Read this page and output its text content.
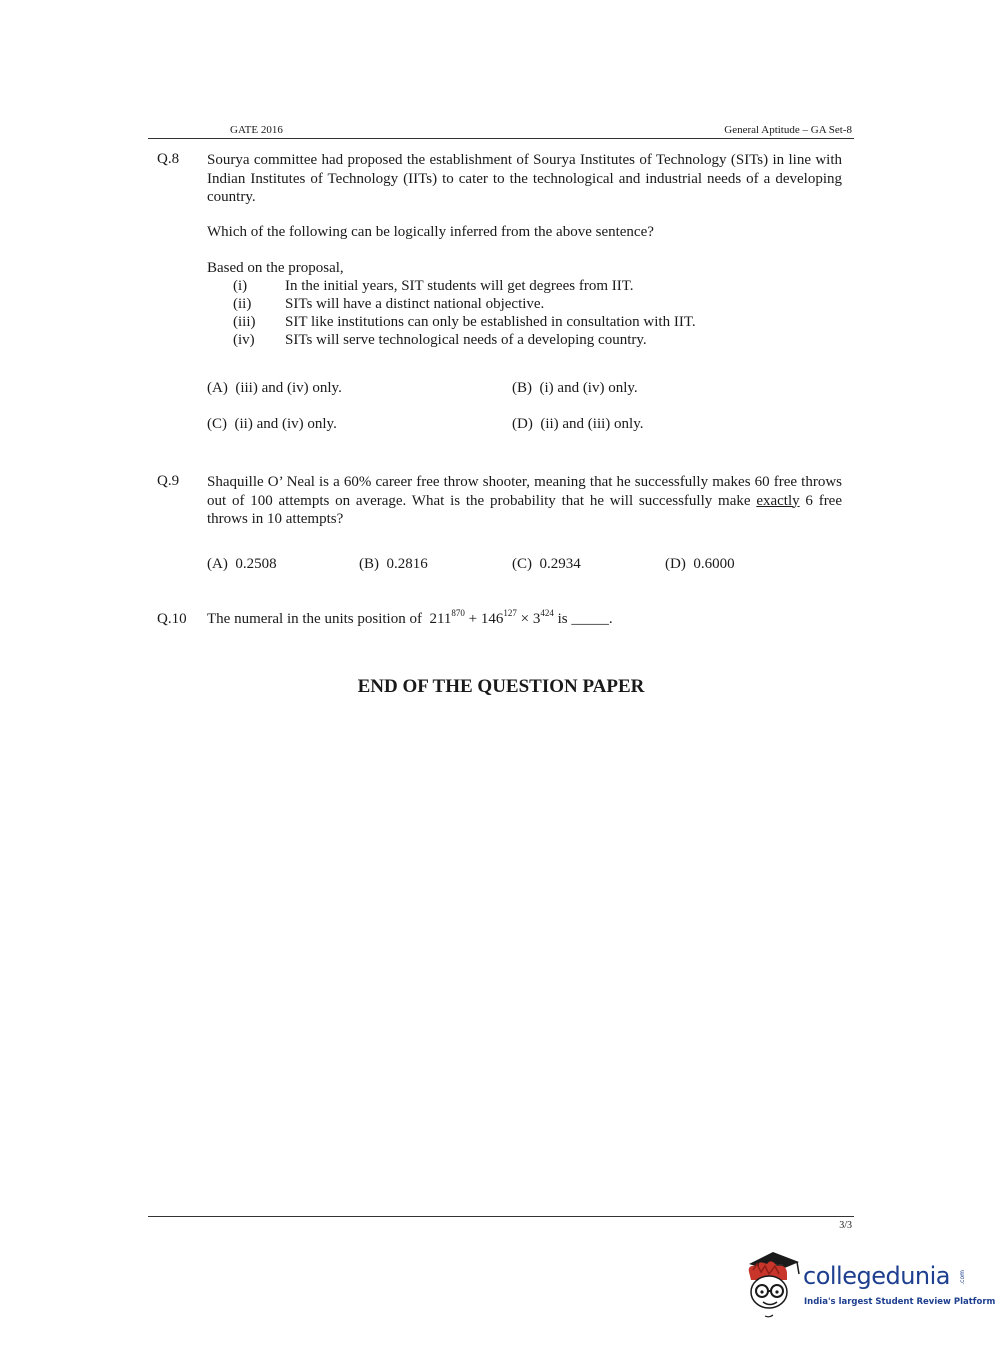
GATE 2016	General Aptitude – GA Set-8
Q.8 Sourya committee had proposed the establishment of Sourya Institutes of Technology (SITs) in line with Indian Institutes of Technology (IITs) to cater to the technological and industrial needs of a developing country.
Which of the following can be logically inferred from the above sentence?
Based on the proposal,
(i)	In the initial years, SIT students will get degrees from IIT.
(ii) SITs will have a distinct national objective.
(iii) SIT like institutions can only be established in consultation with IIT.
(iv) SITs will serve technological needs of a developing country.
(A) (iii) and (iv) only.	(B) (i) and (iv) only.
(C) (ii) and (iv) only.	(D) (ii) and (iii) only.
Q.9 Shaquille O’ Neal is a 60% career free throw shooter, meaning that he successfully makes 60 free throws out of 100 attempts on average. What is the probability that he will successfully make exactly 6 free throws in 10 attempts?
(A) 0.2508	(B) 0.2816	(C) 0.2934	(D) 0.6000
Q.10 The numeral in the units position of $211^{870} + 146^{127} \times 3^{424}$ is _____.
END OF THE QUESTION PAPER
3/3
collegedunia .com
India's largest Student Review Platform
